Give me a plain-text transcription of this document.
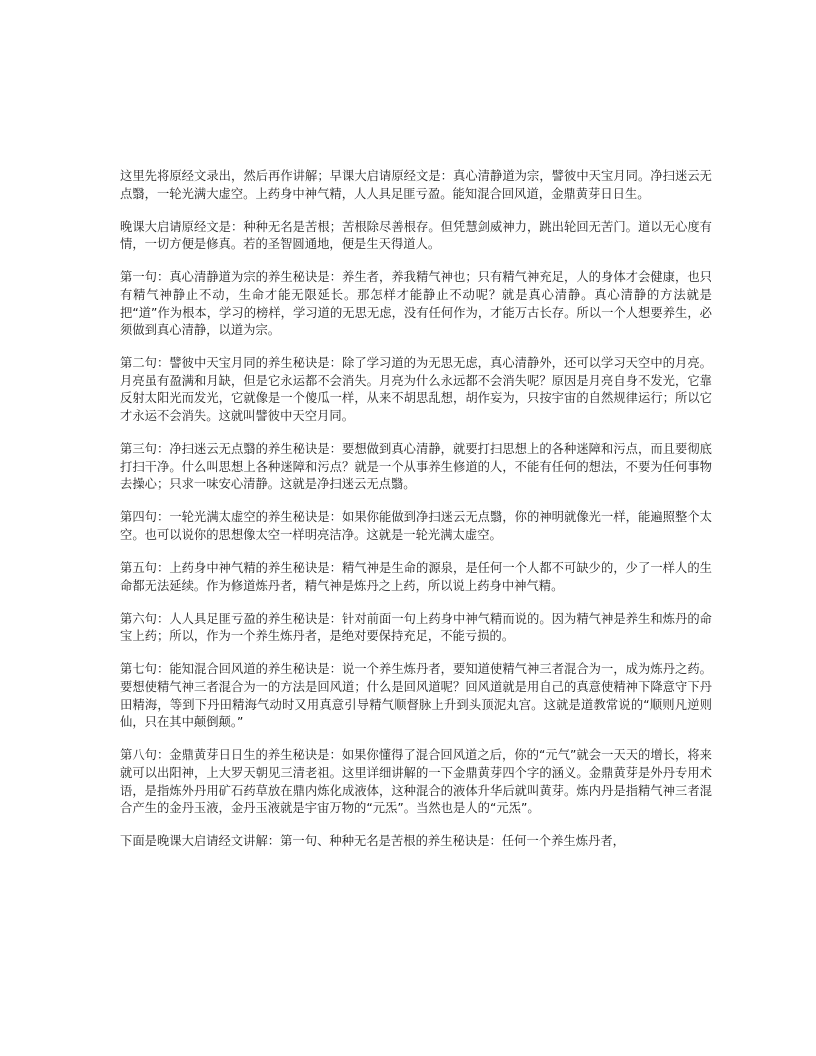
这里先将原经文录出，然后再作讲解；早课大启请原经文是：真心清静道为宗，譬彼中天宝月同。净扫迷云无点翳，一轮光满大虚空。上药身中神气精，人人具足匪亏盈。能知混合回风道，金鼎黄芽日日生。

晚课大启请原经文是：种种无名是苦根；苦根除尽善根存。但凭慧剑威神力，跳出轮回无苦门。道以无心度有情，一切方便是修真。若的圣智圆通地，便是生天得道人。

第一句：真心清静道为宗的养生秘诀是：养生者，养我精气神也；只有精气神充足，人的身体才会健康，也只有精气神静止不动，生命才能无限延长。那怎样才能静止不动呢？就是真心清静。真心清静的方法就是把“道”作为根本，学习的榜样，学习道的无思无虑，没有任何作为，才能万古长存。所以一个人想要养生，必须做到真心清静，以道为宗。

第二句：譬彼中天宝月同的养生秘诀是：除了学习道的为无思无虑，真心清静外，还可以学习天空中的月亮。月亮虽有盈满和月缺，但是它永运都不会消失。月亮为什么永远都不会消失呢？原因是月亮自身不发光，它靠反射太阳光而发光，它就像是一个傻瓜一样，从来不胡思乱想，胡作妄为，只按宇宙的自然规律运行；所以它才永运不会消失。这就叫譬彼中天空月同。

第三句：净扫迷云无点翳的养生秘诀是：要想做到真心清静，就要打扫思想上的各种迷障和污点，而且要彻底打扫干净。什么叫思想上各种迷障和污点？就是一个从事养生修道的人，不能有任何的想法，不要为任何事物去操心；只求一味安心清静。这就是净扫迷云无点翳。

第四句：一轮光满太虚空的养生秘诀是：如果你能做到净扫迷云无点翳，你的神明就像光一样，能遍照整个太空。也可以说你的思想像太空一样明亮洁净。这就是一轮光满太虚空。

第五句：上药身中神气精的养生秘诀是：精气神是生命的源泉，是任何一个人都不可缺少的，少了一样人的生命都无法延续。作为修道炼丹者，精气神是炼丹之上药，所以说上药身中神气精。

第六句：人人具足匪亏盈的养生秘诀是：针对前面一句上药身中神气精而说的。因为精气神是养生和炼丹的命宝上药；所以，作为一个养生炼丹者，是绝对要保持充足，不能亏损的。

第七句：能知混合回风道的养生秘诀是：说一个养生炼丹者，要知道使精气神三者混合为一，成为炼丹之药。要想使精气神三者混合为一的方法是回风道；什么是回风道呢？回风道就是用自己的真意使精神下降意守下丹田精海，等到下丹田精海气动时又用真意引导精气顺督脉上升到头顶泥丸宫。这就是道教常说的“顺则凡逆则仙，只在其中颠倒颠。”

第八句：金鼎黄芽日日生的养生秘诀是：如果你懂得了混合回风道之后，你的“元气”就会一天天的增长，将来就可以出阳神，上大罗天朝见三清老祖。这里详细讲解的一下金鼎黄芽四个字的涵义。金鼎黄芽是外丹专用术语，是指炼外丹用矿石药草放在鼎内炼化成液体，这种混合的液体升华后就叫黄芽。炼内丹是指精气神三者混合产生的金丹玉液，金丹玉液就是宇宙万物的“元炁”。当然也是人的“元炁”。

下面是晚课大启请经文讲解：第一句、种种无名是苦根的养生秘诀是：任何一个养生炼丹者，
